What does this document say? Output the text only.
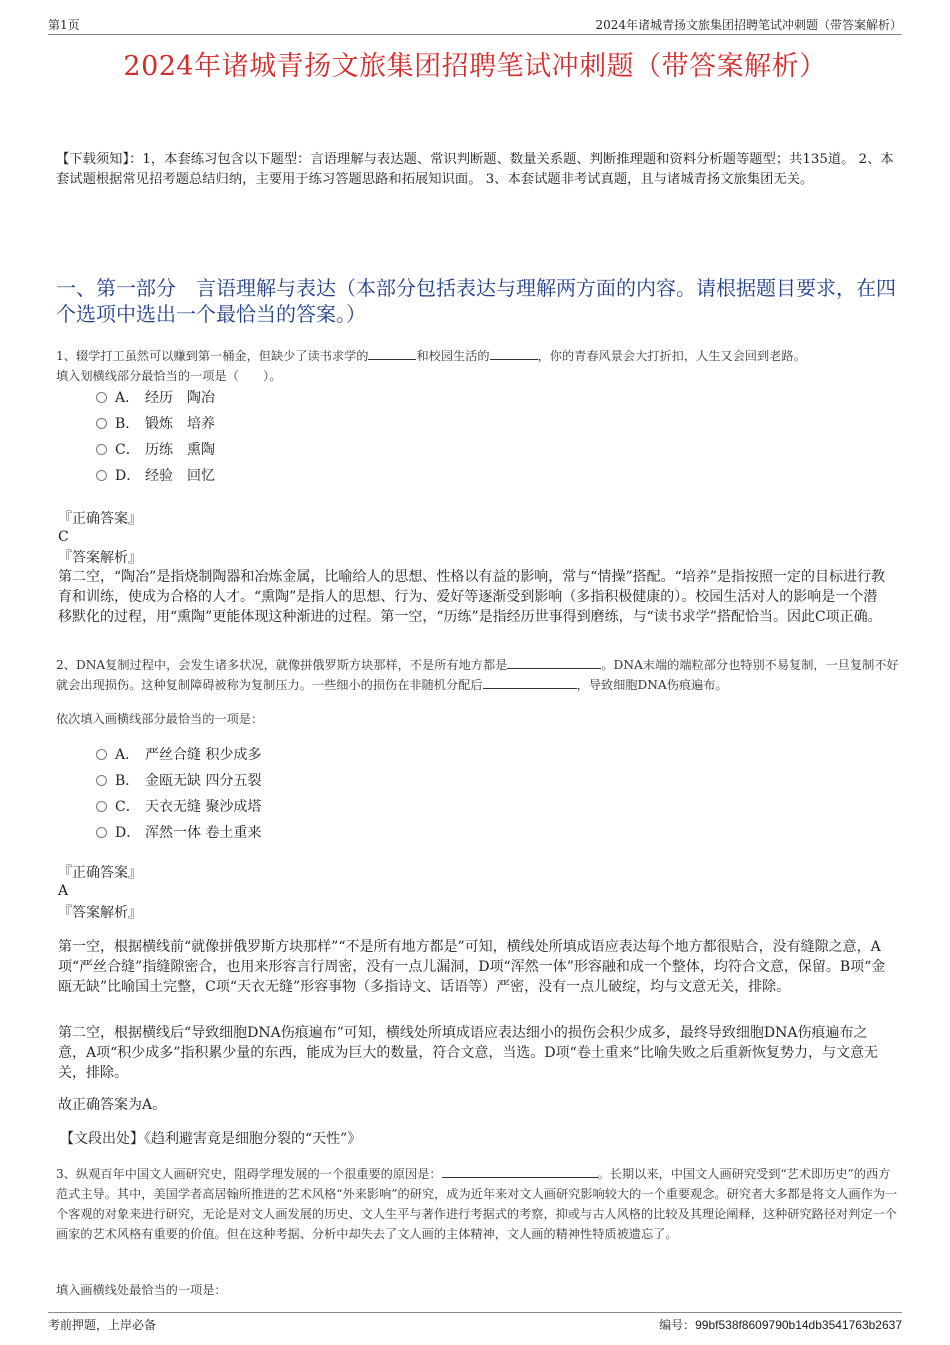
第1页	2024年诸城青扬文旅集团招聘笔试冲刺题（带答案解析）
2024年诸城青扬文旅集团招聘笔试冲刺题（带答案解析）
【下载须知】：1，本套练习包含以下题型：言语理解与表达题、常识判断题、数量关系题、判断推理题和资料分析题等题型；共135道。 2、本套试题根据常见招考题总结归纳，主要用于练习答题思路和拓展知识面。 3、本套试题非考试真题，且与诸城青扬文旅集团无关。
一、第一部分　言语理解与表达（本部分包括表达与理解两方面的内容。请根据题目要求，在四个选项中选出一个最恰当的答案。）
1、辍学打工虽然可以赚到第一桶金，但缺少了读书求学的	和校园生活的	，你的青春风景会大打折扣，人生又会回到老路。
填入划横线部分最恰当的一项是（　　）。
A． 经历　陶冶
B． 锻炼　培养
C． 历练　熏陶
D． 经验　回忆
『正确答案』
C
『答案解析』
第二空，“陶冶”是指烧制陶器和冶炼金属，比喻给人的思想、性格以有益的影响，常与“情操”搭配。“培养”是指按照一定的目标进行教育和训练，使成为合格的人才。“熏陶”是指人的思想、行为、爱好等逐渐受到影响（多指积极健康的）。校园生活对人的影响是一个潜移默化的过程，用“熏陶”更能体现这种渐进的过程。第一空，“历练”是指经历世事得到磨练，与“读书求学”搭配恰当。因此C项正确。
2、DNA复制过程中，会发生诸多状况，就像拼俄罗斯方块那样，不是所有地方都是	。DNA末端的端粒部分也特别不易复制，一旦复制不好就会出现损伤。这种复制障碍被称为复制压力。一些细小的损伤在非随机分配后	，导致细胞DNA伤痕遍布。
依次填入画横线部分最恰当的一项是：
A． 严丝合缝 积少成多
B． 金瓯无缺 四分五裂
C． 天衣无缝 聚沙成塔
D． 浑然一体 卷土重来
『正确答案』
A
『答案解析』
第一空，根据横线前“就像拼俄罗斯方块那样”“不是所有地方都是”可知，横线处所填成语应表达每个地方都很贴合，没有缝隙之意，A项“严丝合缝”指缝隙密合，也用来形容言行周密，没有一点儿漏洞，D项“浑然一体”形容融和成一个整体，均符合文意，保留。B项“金瓯无缺”比喻国土完整，C项“天衣无缝”形容事物（多指诗文、话语等）严密，没有一点儿破绽，均与文意无关，排除。
第二空，根据横线后“导致细胞DNA伤痕遍布”可知，横线处所填成语应表达细小的损伤会积少成多，最终导致细胞DNA伤痕遍布之意，A项“积少成多”指积累少量的东西，能成为巨大的数量，符合文意，当选。D项“卷土重来”比喻失败之后重新恢复势力，与文意无关，排除。
故正确答案为A。
【文段出处】《趋利避害竟是细胞分裂的“天性”》
3、纵观百年中国文人画研究史，阻碍学理发展的一个很重要的原因是：	。长期以来，中国文人画研究受到“艺术即历史”的西方范式主导。其中，美国学者高居翰所推进的艺术风格“外来影响”的研究，成为近年来对文人画研究影响较大的一个重要观念。研究者大多都是将文人画作为一个客观的对象来进行研究，无论是对文人画发展的历史、文人生平与著作进行考据式的考察，抑或与古人风格的比较及其理论阐释，这种研究路径对判定一个画家的艺术风格有重要的价值。但在这种考据、分析中却失去了文人画的主体精神，文人画的精神性特质被遗忘了。
填入画横线处最恰当的一项是：
考前押题，上岸必备	编号：99bf538f8609790b14db3541763b2637
